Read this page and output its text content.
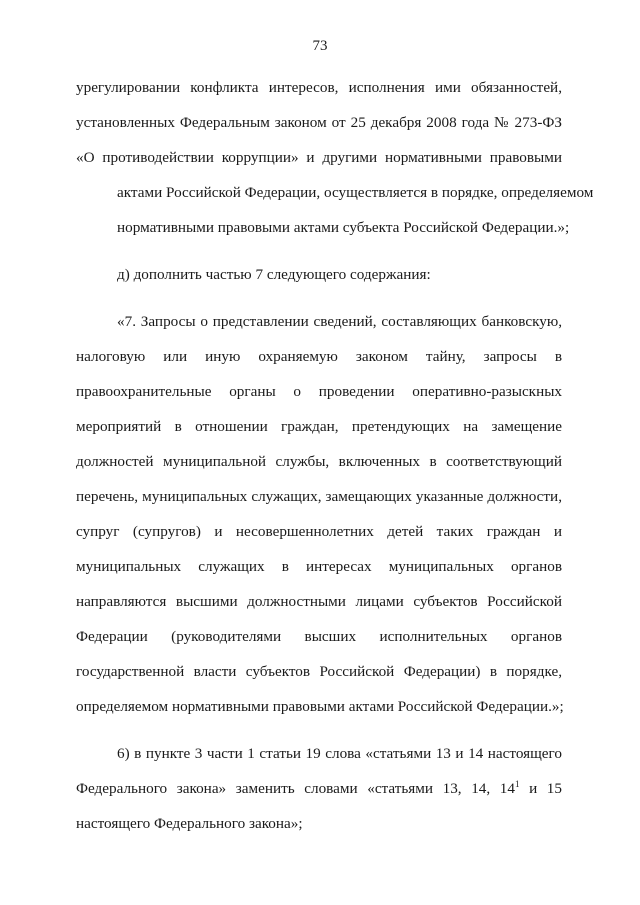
73
урегулировании конфликта интересов, исполнения ими обязанностей,
установленных Федеральным законом от 25 декабря 2008 года № 273-ФЗ
«О противодействии коррупции» и другими нормативными правовыми
актами Российской Федерации, осуществляется в порядке, определяемом
нормативными правовыми актами субъекта Российской Федерации.»;
д) дополнить частью 7 следующего содержания:
«7. Запросы о представлении сведений, составляющих банковскую,
налоговую или иную охраняемую законом тайну, запросы в
правоохранительные органы о проведении оперативно-разыскных
мероприятий в отношении граждан, претендующих на замещение
должностей муниципальной службы, включенных в соответствующий
перечень, муниципальных служащих, замещающих указанные должности,
супруг (супругов) и несовершеннолетних детей таких граждан и
муниципальных служащих в интересах муниципальных органов
направляются высшими должностными лицами субъектов Российской
Федерации (руководителями высших исполнительных органов
государственной власти субъектов Российской Федерации) в порядке,
определяемом нормативными правовыми актами Российской Федерации.»;
6) в пункте 3 части 1 статьи 19 слова «статьями 13 и 14 настоящего
Федерального закона» заменить словами «статьями 13, 14, $14^1$ и 15
настоящего Федерального закона»;
